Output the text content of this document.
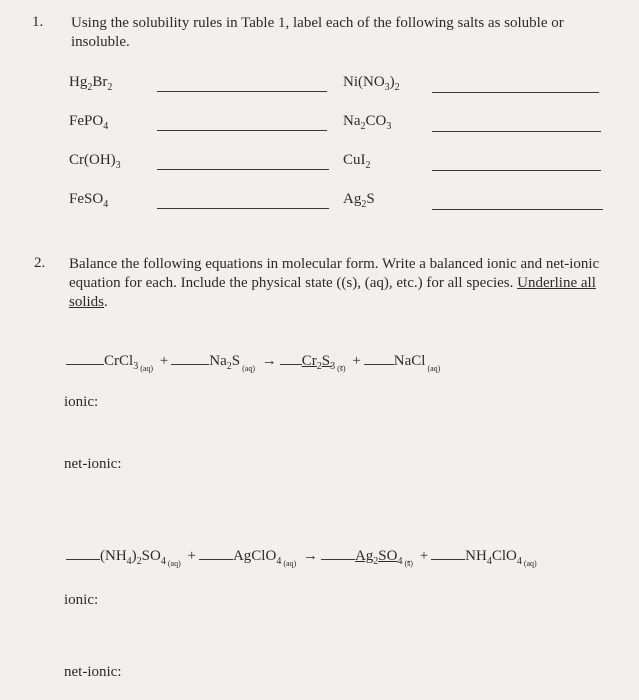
1. Using the solubility rules in Table 1, label each of the following salts as soluble or insoluble.
$Hg_2Br_2$
FePO$_4$
$Cr(OH)_3$
FeSO$_4$
$Ni(NO_3)_2$
$Na_2CO_3$
CuI$_2$
$Ag_2S$
2. Balance the following equations in molecular form. Write a balanced ionic and net-ionic equation for each. Include the physical state ((s), (aq), etc.) for all species. Underline all solids.
CrCl$_3$ $_{(aq)}$ +	$Na_2S$ $_{(aq)} \to Cr_2S_3$ $_{(s)}$ + NaCl $_{(aq)}$
ionic:
net-ionic:
$(NH_4)_2SO_4$ $_{(aq)}$ + AgClO$_4$ $_{(aq)} \to Ag_2SO_4$ $_{(s)} + NH_4ClO_4$ $_{(aq)}$
ionic:
net-ionic:
